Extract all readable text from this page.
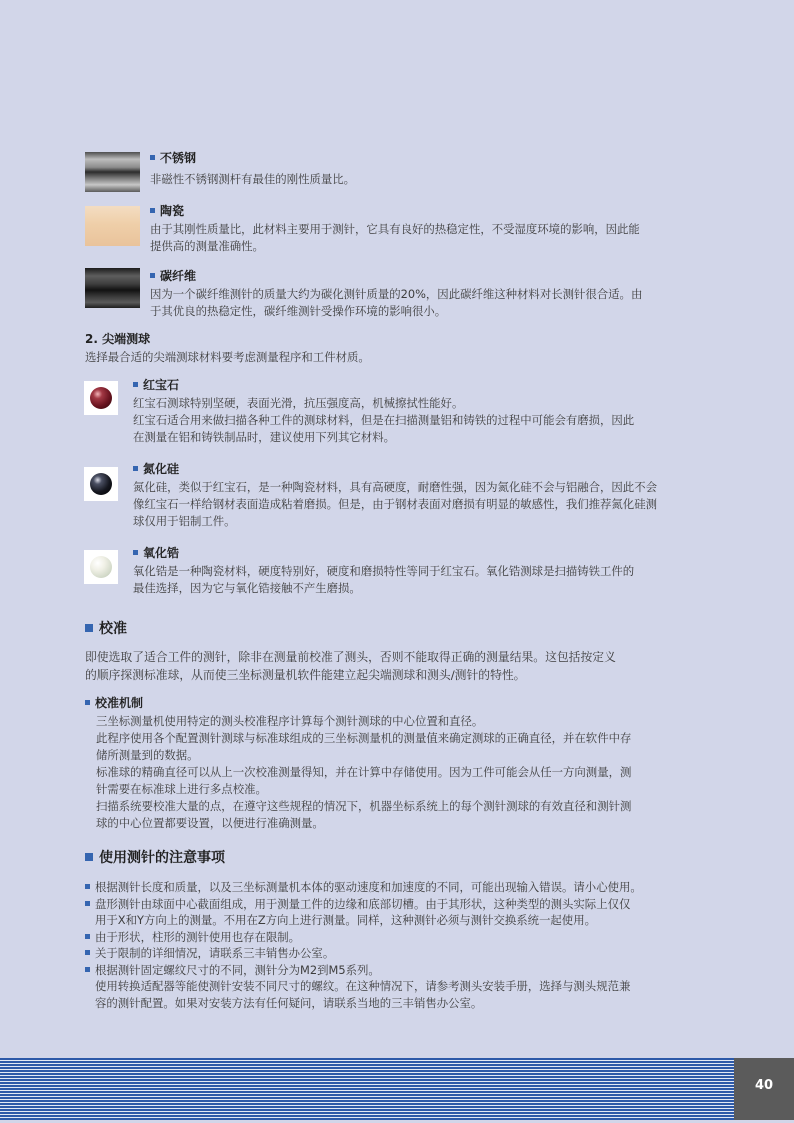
不锈钢
非磁性不锈钢测杆有最佳的刚性质量比。
陶瓷
由于其刚性质量比，此材料主要用于测针，它具有良好的热稳定性，不受湿度环境的影响，因此能
提供高的测量准确性。
碳纤维
因为一个碳纤维测针的质量大约为碳化测针质量的20%，因此碳纤维这种材料对长测针很合适。由
于其优良的热稳定性，碳纤维测针受操作环境的影响很小。
2. 尖端测球
选择最合适的尖端测球材料要考虑测量程序和工件材质。
红宝石
红宝石测球特别坚硬，表面光滑，抗压强度高，机械擦拭性能好。
红宝石适合用来做扫描各种工件的测球材料，但是在扫描测量铝和铸铁的过程中可能会有磨损，因此
在测量在铝和铸铁制品时，建议使用下列其它材料。
氮化硅
氮化硅，类似于红宝石，是一种陶瓷材料，具有高硬度，耐磨性强，因为氮化硅不会与铝融合，因此不会
像红宝石一样给钢材表面造成粘着磨损。但是，由于钢材表面对磨损有明显的敏感性，我们推荐氮化硅测
球仅用于铝制工件。
氧化锆
氧化锆是一种陶瓷材料，硬度特别好，硬度和磨损特性等同于红宝石。氧化锆测球是扫描铸铁工件的
最佳选择，因为它与氧化锆接触不产生磨损。
校准
即使选取了适合工件的测针，除非在测量前校准了测头，否则不能取得正确的测量结果。这包括按定义
的顺序探测标准球，从而使三坐标测量机软件能建立起尖端测球和测头/测针的特性。
校准机制
三坐标测量机使用特定的测头校准程序计算每个测针测球的中心位置和直径。
此程序使用各个配置测针测球与标准球组成的三坐标测量机的测量值来确定测球的正确直径，并在软件中存
储所测量到的数据。
标准球的精确直径可以从上一次校准测量得知，并在计算中存储使用。因为工件可能会从任一方向测量，测
针需要在标准球上进行多点校准。
扫描系统要校准大量的点，在遵守这些规程的情况下，机器坐标系统上的每个测针测球的有效直径和测针测
球的中心位置都要设置，以便进行准确测量。
使用测针的注意事项
根据测针长度和质量，以及三坐标测量机本体的驱动速度和加速度的不同，可能出现输入错误。请小心使用。
盘形测针由球面中心截面组成，用于测量工件的边缘和底部切槽。由于其形状，这种类型的测头实际上仅仅
用于X和Y方向上的测量。不用在Z方向上进行测量。同样，这种测针必须与测针交换系统一起使用。
由于形状，柱形的测针使用也存在限制。
关于限制的详细情况，请联系三丰销售办公室。
根据测针固定螺纹尺寸的不同，测针分为M2到M5系列。
使用转换适配器等能使测针安装不同尺寸的螺纹。在这种情况下，请参考测头安装手册，选择与测头规范兼
容的测针配置。如果对安装方法有任何疑问，请联系当地的三丰销售办公室。
40
